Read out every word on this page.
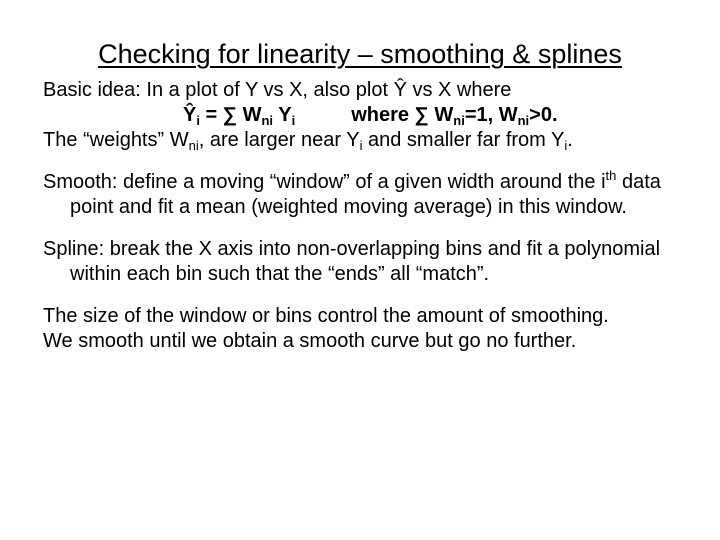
Checking for linearity – smoothing & splines

Basic idea: In a plot of Y vs X, also plot Ŷ vs X where

$Ŷ_i$ = ∑ $W_{ni}$ $Y_i$	where ∑ $W_{ni}=1$, $W_{ni}>0$.

The “weights” $W_{ni}$, are larger near $Y_i$ and smaller far from $Y_i$.

Smooth: define a moving “window” of a given width around the $i^{th}$ data point and fit a mean (weighted moving average) in this window.

Spline: break the X axis into non-overlapping bins and fit a polynomial within each bin such that the “ends” all “match”.

The size of the window or bins control the amount of smoothing.

We smooth until we obtain a smooth curve but go no further.
